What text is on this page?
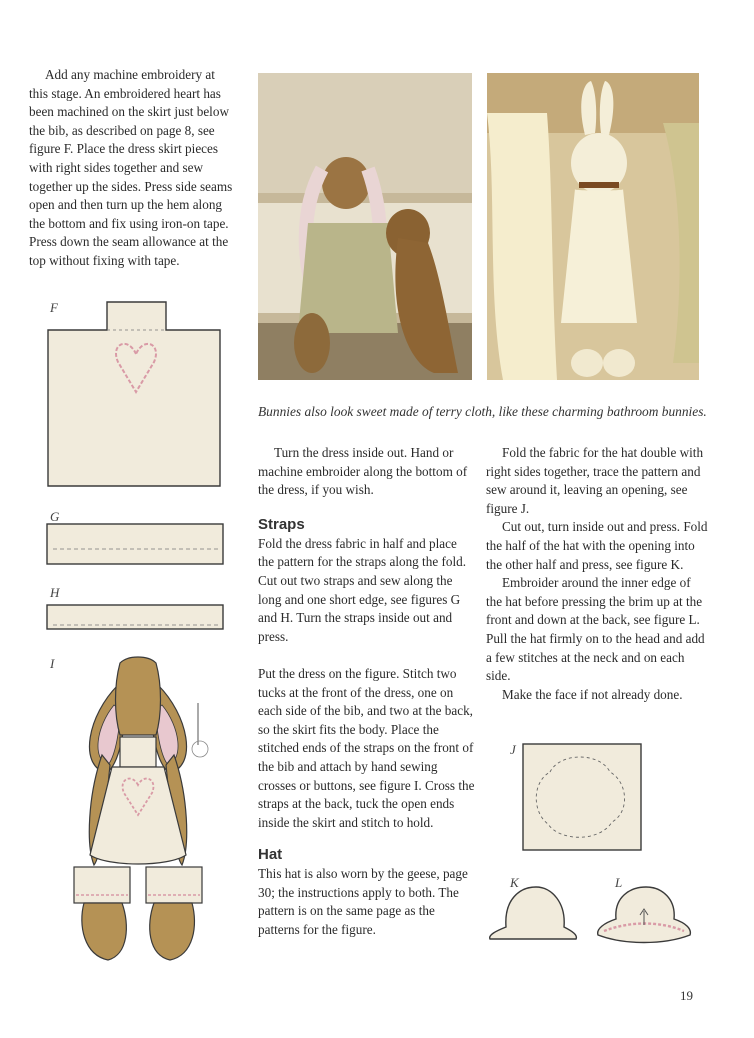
Add any machine embroidery at this stage. An embroidered heart has been machined on the skirt just below the bib, as described on page 8, see figure F. Place the dress skirt pieces with right sides together and sew together up the sides. Press side seams open and then turn up the hem along the bottom and fix using iron-on tape. Press down the seam allowance at the top without fixing with tape.

F
G
H
I
Bunnies also look sweet made of terry cloth, like these charming bathroom bunnies.

Turn the dress inside out. Hand or machine embroider along the bottom of the dress, if you wish.

Straps

Fold the dress fabric in half and place the pattern for the straps along the fold. Cut out two straps and sew along the long and one short edge, see figures G and H. Turn the straps inside out and press.

Put the dress on the figure. Stitch two tucks at the front of the dress, one on each side of the bib, and two at the back, so the skirt fits the body. Place the stitched ends of the straps on the front of the bib and attach by hand sewing crosses or buttons, see figure I. Cross the straps at the back, tuck the open ends inside the skirt and stitch to hold.

Hat

This hat is also worn by the geese, page 30; the instructions apply to both. The pattern is on the same page as the patterns for the figure.

Fold the fabric for the hat double with right sides together, trace the pattern and sew around it, leaving an opening, see figure J.

Cut out, turn inside out and press. Fold the half of the hat with the opening into the other half and press, see figure K.

Embroider around the inner edge of the hat before pressing the brim up at the front and down at the back, see figure L. Pull the hat firmly on to the head and add a few stitches at the neck and on each side.

Make the face if not already done.

J
K	L
19
